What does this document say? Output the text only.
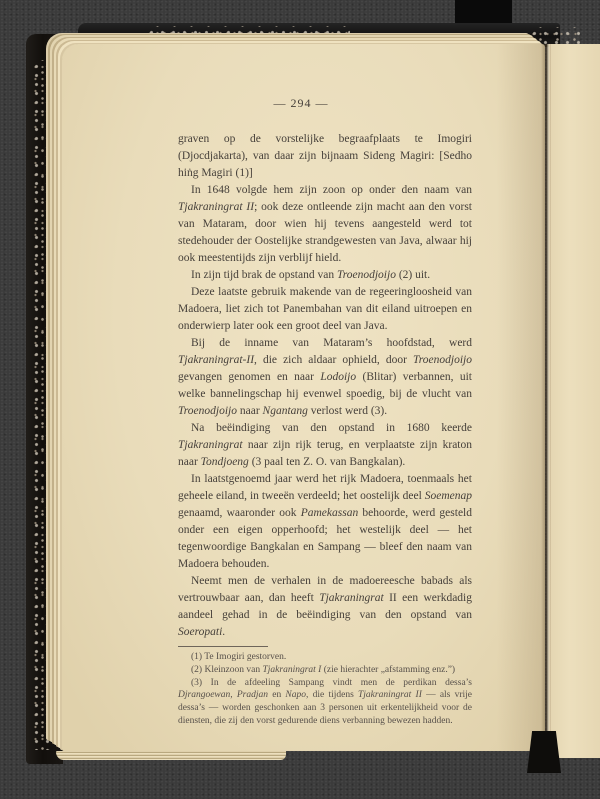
— 294 —

graven op de vorstelijke begraafplaats te Imogiri (Djocdjakarta), van daar zijn bijnaam Sideng Magiri: [Sedho hiṅg Magiri (1)]

In 1648 volgde hem zijn zoon op onder den naam van Tjakraningrat II; ook deze ontleende zijn macht aan den vorst van Mataram, door wien hij tevens aangesteld werd tot stedehouder der Oostelijke strandgewesten van Java, alwaar hij ook meestentijds zijn verblijf hield.

In zijn tijd brak de opstand van Troenodjoijo (2) uit.

Deze laatste gebruik makende van de regeeringloosheid van Madoera, liet zich tot Panembahan van dit eiland uitroepen en onderwierp later ook een groot deel van Java.

Bij de inname van Mataram’s hoofdstad, werd Tjakraningrat-II, die zich aldaar ophield, door Troenodjoijo gevangen genomen en naar Lodoijo (Blitar) verbannen, uit welke bannelingschap hij evenwel spoedig, bij de vlucht van Troenodjoijo naar Ngantang verlost werd (3).

Na beëindiging van den opstand in 1680 keerde Tjakraningrat naar zijn rijk terug, en verplaatste zijn kraton naar Tondjoeng (3 paal ten Z. O. van Bangkalan).

In laatstgenoemd jaar werd het rijk Madoera, toenmaals het geheele eiland, in tweeën verdeeld; het oostelijk deel Soemenap genaamd, waaronder ook Pamekassan behoorde, werd gesteld onder een eigen opperhoofd; het westelijk deel — het tegenwoordige Bangkalan en Sampang — bleef den naam van Madoera behouden.

Neemt men de verhalen in de madoereesche babads als vertrouwbaar aan, dan heeft Tjakraningrat II een werkdadig aandeel gehad in de beëindiging van den opstand van Soeropati.

(1) Te Imogiri gestorven.

(2) Kleinzoon van Tjakraningrat I (zie hierachter „afstamming enz.”)

(3) In de afdeeling Sampang vindt men de perdikan dessa’s Djrangoewan, Pradjan en Napo, die tijdens Tjakraningrat II — als vrije dessa’s — worden geschonken aan 3 personen uit erkentelijkheid voor de diensten, die zij den vorst gedurende diens verbanning bewezen hadden.
